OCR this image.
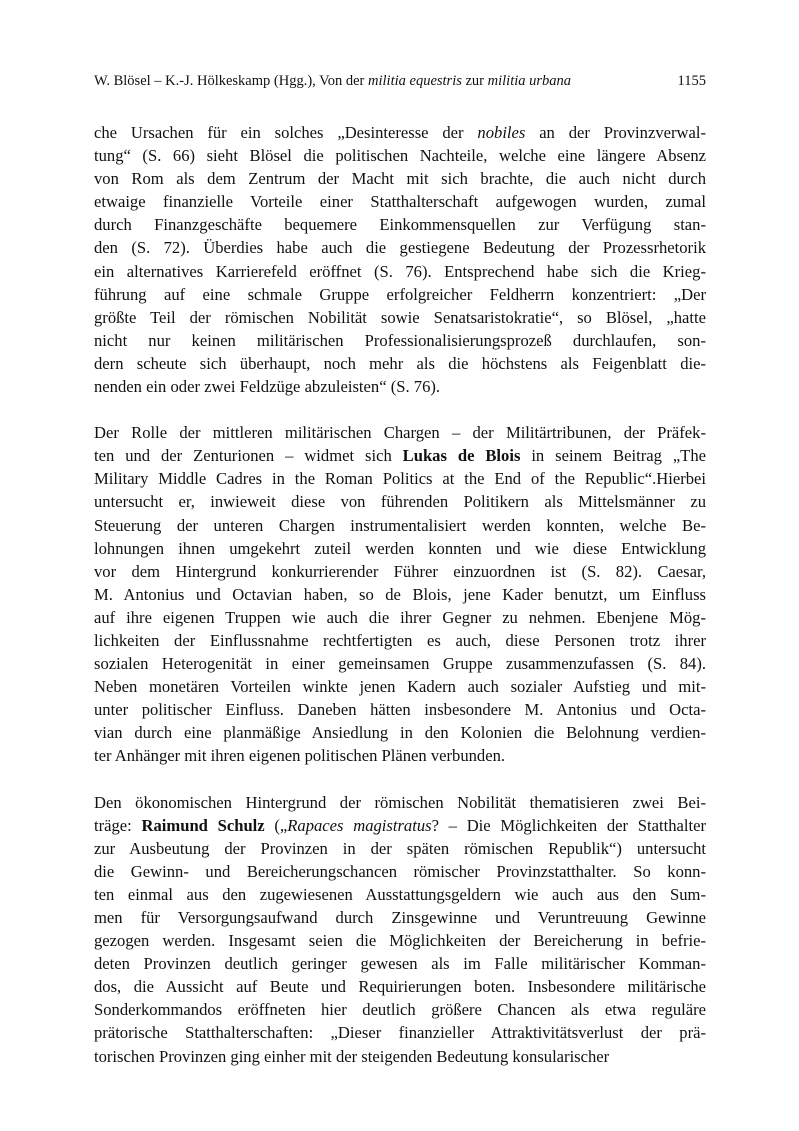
W. Blösel – K.-J. Hölkeskamp (Hgg.), Von der militia equestris zur militia urbana	1155
che Ursachen für ein solches „Desinteresse der nobiles an der Provinzverwal-
tung“ (S. 66) sieht Blösel die politischen Nachteile, welche eine längere Absenz
von Rom als dem Zentrum der Macht mit sich brachte, die auch nicht durch
etwaige finanzielle Vorteile einer Statthalterschaft aufgewogen wurden, zumal
durch Finanzgeschäfte bequemere Einkommensquellen zur Verfügung stan-
den (S. 72). Überdies habe auch die gestiegene Bedeutung der Prozessrhetorik
ein alternatives Karrierefeld eröffnet (S. 76). Entsprechend habe sich die Krieg-
führung auf eine schmale Gruppe erfolgreicher Feldherrn konzentriert: „Der
größte Teil der römischen Nobilität sowie Senatsaristokratie“, so Blösel, „hatte
nicht nur keinen militärischen Professionalisierungsprozeß durchlaufen, son-
dern scheute sich überhaupt, noch mehr als die höchstens als Feigenblatt die-
nenden ein oder zwei Feldzüge abzuleisten“ (S. 76).
Der Rolle der mittleren militärischen Chargen – der Militärtribunen, der Präfek-
ten und der Zenturionen – widmet sich Lukas de Blois in seinem Beitrag „The
Military Middle Cadres in the Roman Politics at the End of the Republic“.Hierbei
untersucht er, inwieweit diese von führenden Politikern als Mittelsmänner zu
Steuerung der unteren Chargen instrumentalisiert werden konnten, welche Be-
lohnungen ihnen umgekehrt zuteil werden konnten und wie diese Entwicklung
vor dem Hintergrund konkurrierender Führer einzuordnen ist (S. 82). Caesar,
M. Antonius und Octavian haben, so de Blois, jene Kader benutzt, um Einfluss
auf ihre eigenen Truppen wie auch die ihrer Gegner zu nehmen. Ebenjene Mög-
lichkeiten der Einflussnahme rechtfertigten es auch, diese Personen trotz ihrer
sozialen Heterogenität in einer gemeinsamen Gruppe zusammenzufassen (S. 84).
Neben monetären Vorteilen winkte jenen Kadern auch sozialer Aufstieg und mit-
unter politischer Einfluss. Daneben hätten insbesondere M. Antonius und Octa-
vian durch eine planmäßige Ansiedlung in den Kolonien die Belohnung verdien-
ter Anhänger mit ihren eigenen politischen Plänen verbunden.
Den ökonomischen Hintergrund der römischen Nobilität thematisieren zwei Bei-
träge: Raimund Schulz („Rapaces magistratus? – Die Möglichkeiten der Statthalter
zur Ausbeutung der Provinzen in der späten römischen Republik“) untersucht
die Gewinn- und Bereicherungschancen römischer Provinzstatthalter. So konn-
ten einmal aus den zugewiesenen Ausstattungsgeldern wie auch aus den Sum-
men für Versorgungsaufwand durch Zinsgewinne und Veruntreuung Gewinne
gezogen werden. Insgesamt seien die Möglichkeiten der Bereicherung in befrie-
deten Provinzen deutlich geringer gewesen als im Falle militärischer Komman-
dos, die Aussicht auf Beute und Requirierungen boten. Insbesondere militärische
Sonderkommandos eröffneten hier deutlich größere Chancen als etwa reguläre
prätorische Statthalterschaften: „Dieser finanzieller Attraktivitätsverlust der prä-
torischen Provinzen ging einher mit der steigenden Bedeutung konsularischer
